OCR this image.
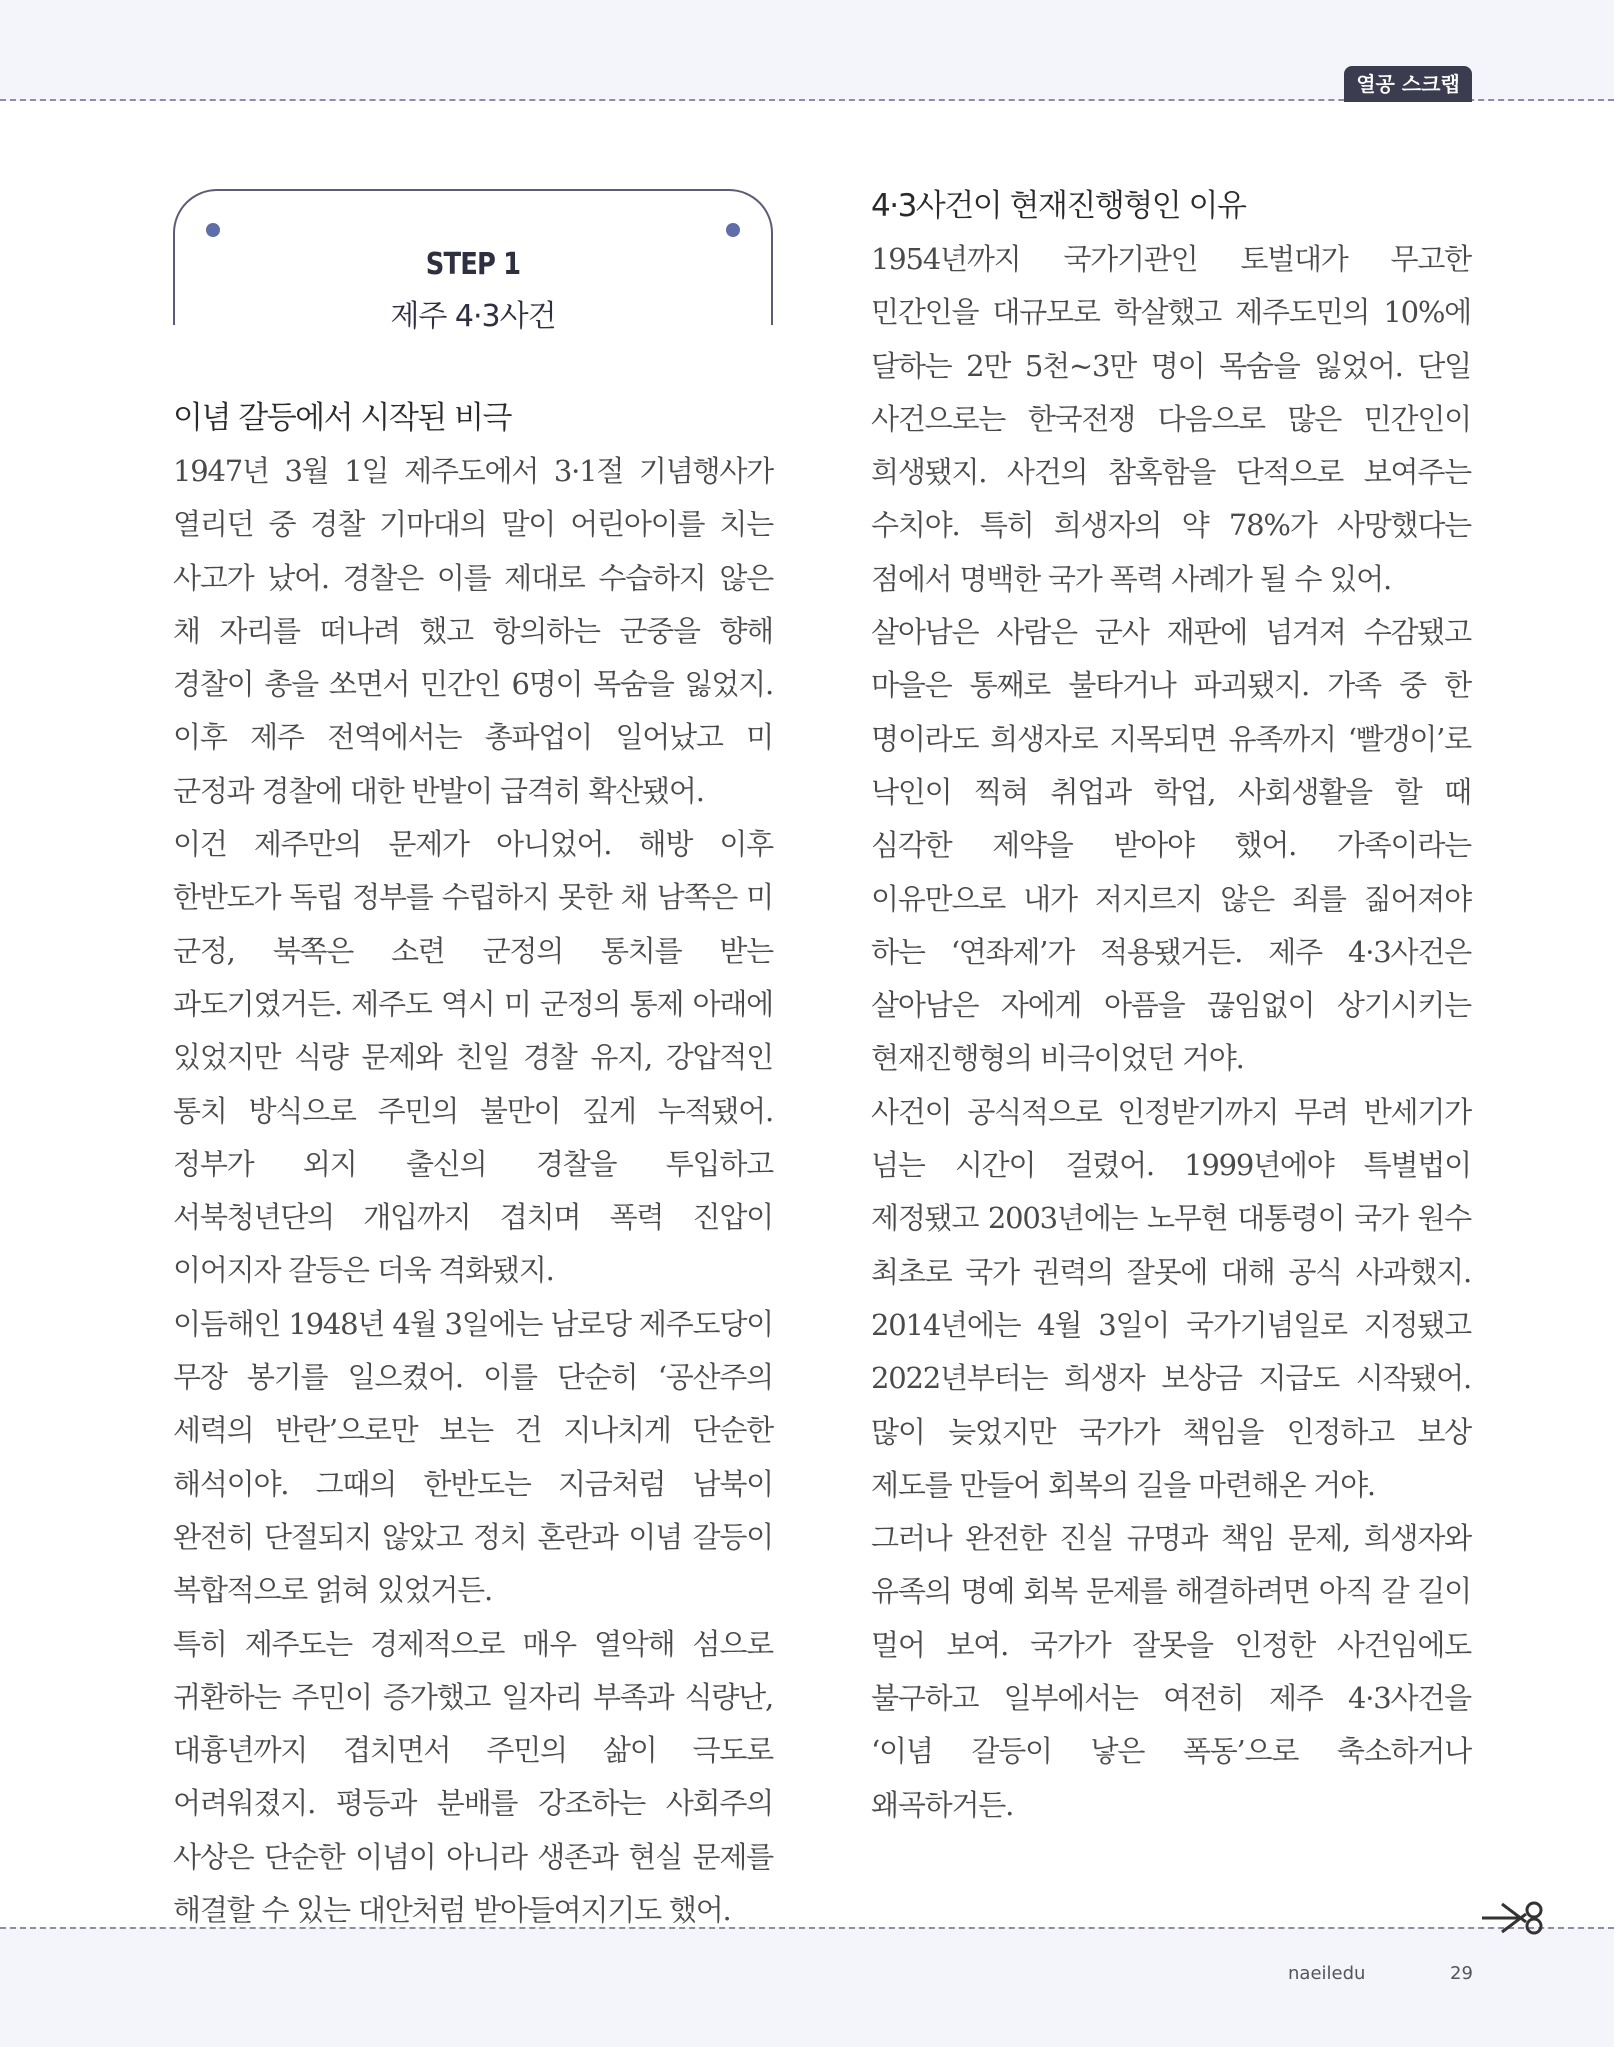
열공 스크랩
STEP 1
제주 4·3사건
이념 갈등에서 시작된 비극

1947년 3월 1일 제주도에서 3·1절 기념행사가 열리던 중 경찰 기마대의 말이 어린아이를 치는 사고가 났어. 경찰은 이를 제대로 수습하지 않은 채 자리를 떠나려 했고 항의하는 군중을 향해 경찰이 총을 쏘면서 민간인 6명이 목숨을 잃었지. 이후 제주 전역에서는 총파업이 일어났고 미 군정과 경찰에 대한 반발이 급격히 확산됐어.

이건 제주만의 문제가 아니었어. 해방 이후 한반도가 독립 정부를 수립하지 못한 채 남쪽은 미 군정, 북쪽은 소련 군정의 통치를 받는 과도기였거든. 제주도 역시 미 군정의 통제 아래에 있었지만 식량 문제와 친일 경찰 유지, 강압적인 통치 방식으로 주민의 불만이 깊게 누적됐어. 정부가 외지 출신의 경찰을 투입하고 서북청년단의 개입까지 겹치며 폭력 진압이 이어지자 갈등은 더욱 격화됐지.

이듬해인 1948년 4월 3일에는 남로당 제주도당이 무장 봉기를 일으켰어. 이를 단순히 ‘공산주의 세력의 반란’으로만 보는 건 지나치게 단순한 해석이야. 그때의 한반도는 지금처럼 남북이 완전히 단절되지 않았고 정치 혼란과 이념 갈등이 복합적으로 얽혀 있었거든.

특히 제주도는 경제적으로 매우 열악해 섬으로 귀환하는 주민이 증가했고 일자리 부족과 식량난, 대흉년까지 겹치면서 주민의 삶이 극도로 어려워졌지. 평등과 분배를 강조하는 사회주의 사상은 단순한 이념이 아니라 생존과 현실 문제를 해결할 수 있는 대안처럼 받아들여지기도 했어.

4·3사건이 현재진행형인 이유

1954년까지 국가기관인 토벌대가 무고한 민간인을 대규모로 학살했고 제주도민의 10%에 달하는 2만 5천~3만 명이 목숨을 잃었어. 단일 사건으로는 한국전쟁 다음으로 많은 민간인이 희생됐지. 사건의 참혹함을 단적으로 보여주는 수치야. 특히 희생자의 약 78%가 사망했다는 점에서 명백한 국가 폭력 사례가 될 수 있어.

살아남은 사람은 군사 재판에 넘겨져 수감됐고 마을은 통째로 불타거나 파괴됐지. 가족 중 한 명이라도 희생자로 지목되면 유족까지 ‘빨갱이’로 낙인이 찍혀 취업과 학업, 사회생활을 할 때 심각한 제약을 받아야 했어. 가족이라는 이유만으로 내가 저지르지 않은 죄를 짊어져야 하는 ‘연좌제’가 적용됐거든. 제주 4·3사건은 살아남은 자에게 아픔을 끊임없이 상기시키는 현재진행형의 비극이었던 거야.

사건이 공식적으로 인정받기까지 무려 반세기가 넘는 시간이 걸렸어. 1999년에야 특별법이 제정됐고 2003년에는 노무현 대통령이 국가 원수 최초로 국가 권력의 잘못에 대해 공식 사과했지. 2014년에는 4월 3일이 국가기념일로 지정됐고 2022년부터는 희생자 보상금 지급도 시작됐어. 많이 늦었지만 국가가 책임을 인정하고 보상 제도를 만들어 회복의 길을 마련해온 거야.

그러나 완전한 진실 규명과 책임 문제, 희생자와 유족의 명예 회복 문제를 해결하려면 아직 갈 길이 멀어 보여. 국가가 잘못을 인정한 사건임에도 불구하고 일부에서는 여전히 제주 4·3사건을 ‘이념 갈등이 낳은 폭동’으로 축소하거나 왜곡하거든.

naeiledu	29
